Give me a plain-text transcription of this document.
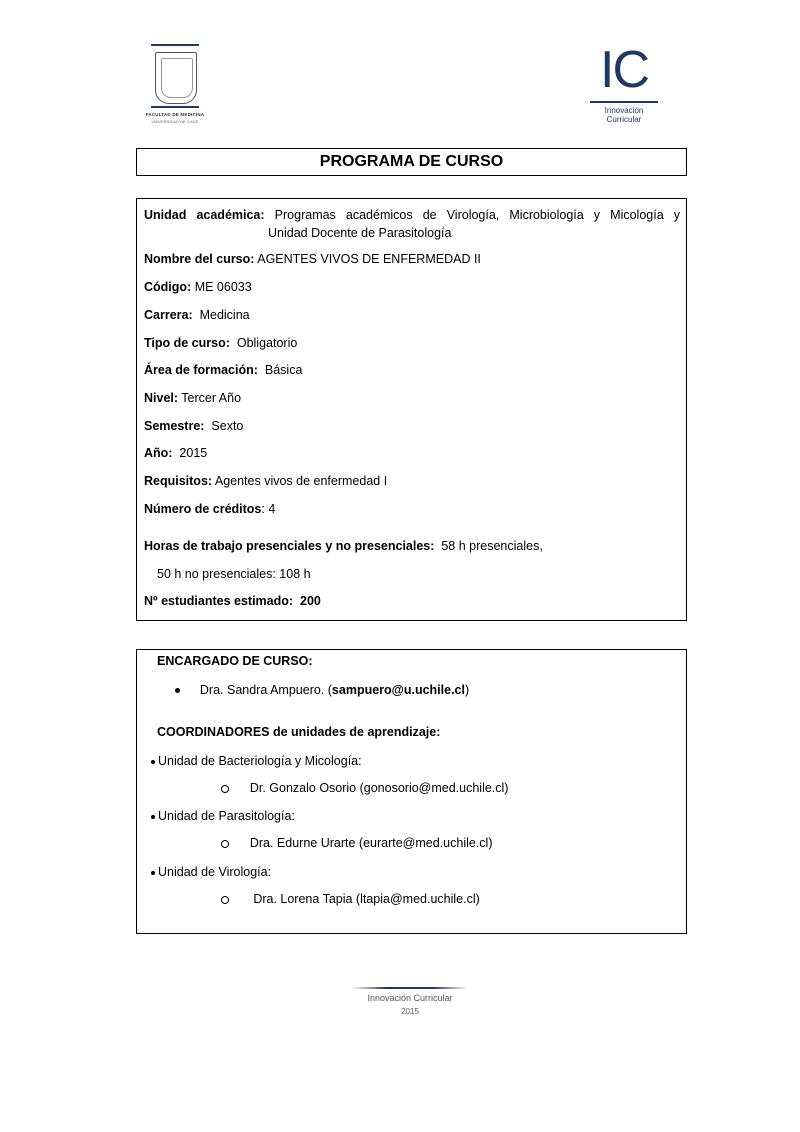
FACULTAD DE MEDICINA
UNIVERSIDAD DE CHILE
IC
Innovación
Curricular
PROGRAMA DE CURSO
Unidad académica: Programas académicos de Virología, Microbiología y Micología y
Unidad Docente de Parasitología
Nombre del curso: AGENTES VIVOS DE ENFERMEDAD II
Código: ME 06033
Carrera: Medicina
Tipo de curso: Obligatorio
Área de formación: Básica
Nivel: Tercer Año
Semestre: Sexto
Año: 2015
Requisitos: Agentes vivos de enfermedad I
Número de créditos: 4
Horas de trabajo presenciales y no presenciales: 58 h presenciales,
50 h no presenciales: 108 h
Nº estudiantes estimado: 200
ENCARGADO DE CURSO:
Dra. Sandra Ampuero. (sampuero@u.uchile.cl)
COORDINADORES de unidades de aprendizaje:
Unidad de Bacteriología y Micología:
Dr. Gonzalo Osorio (gonosorio@med.uchile.cl)
Unidad de Parasitología:
Dra. Edurne Urarte (eurarte@med.uchile.cl)
Unidad de Virología:
Dra. Lorena Tapia (ltapia@med.uchile.cl)
Innovación Curricular
2015
